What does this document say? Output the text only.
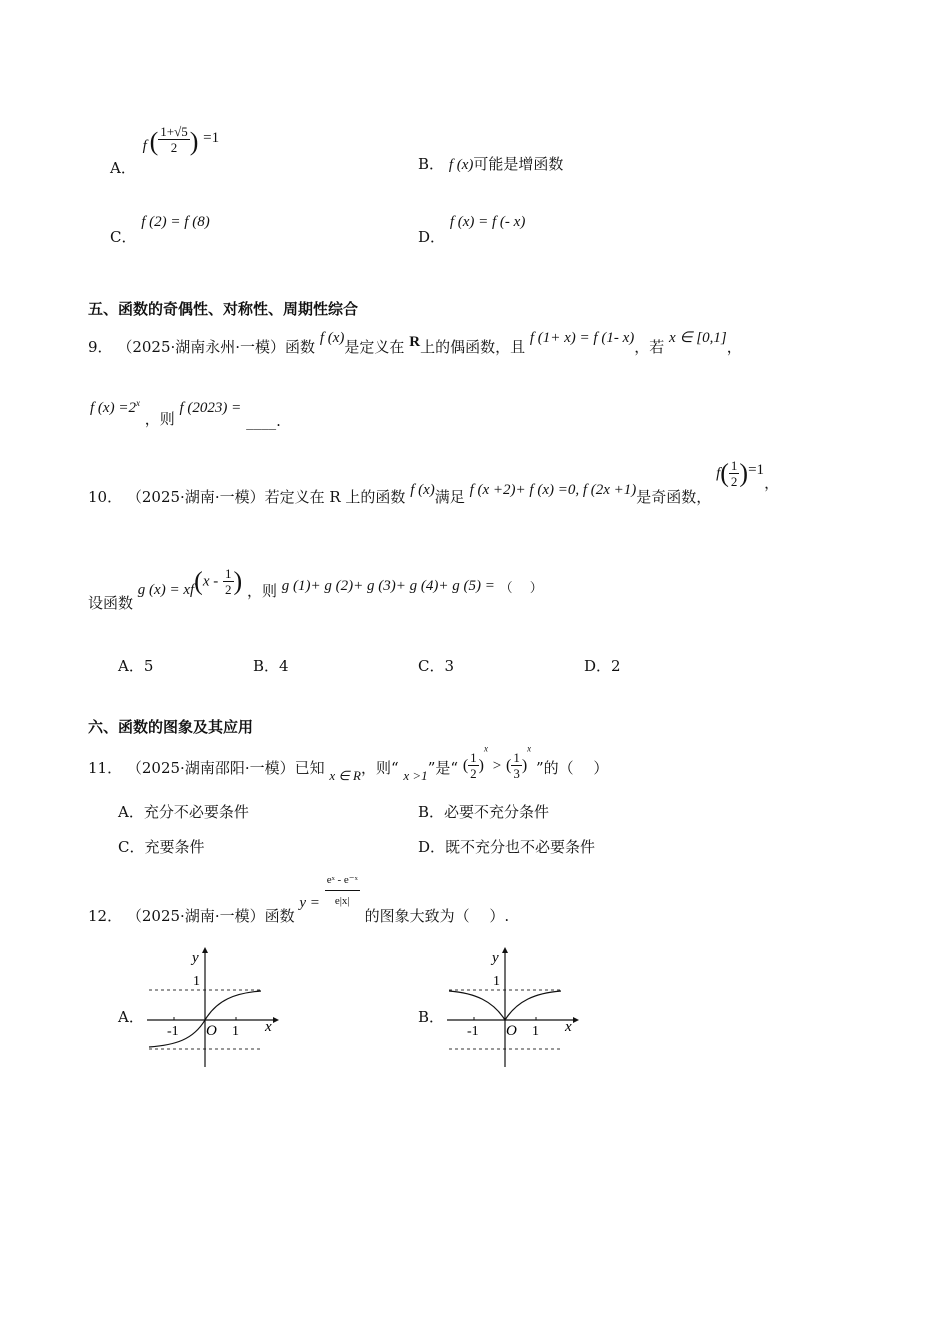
A． f ( $\frac{1+√5}{2}$ ) =1
B． f (x)可能是增函数
C． f (2) = f (8)
D． f (x) = f (- x)
五、函数的奇偶性、对称性、周期性综合
9． （2025·湖南永州·一模）函数 f (x)是定义在 R上的偶函数，且 f (1+ x) = f (1- x)，若 x ∈ [0,1]，
f $(x) =2^x$ ，则 f (2023) = ____.
10． （2025·湖南·一模）若定义在 R 上的函数 f (x)满足 f (x +2)+ f (x) =0, f (2x +1)是奇函数， $f( \frac{1}{2} )=1$，
设函数 g $(x) = xf(x - \frac{1}{2}$ ) ，则 g (1)+ g (2)+ g (3)+ g (4)+ g (5) = （　 ）
A．5	B．4	C．3	D．2
六、函数的图象及其应用
11． （2025·湖南邵阳·一模）已知 x ∈ R，则“ x >1”是“ ( $\frac{1}{2} )^x$ > ( $\frac{1}{3} )^x$ ”的（　 ）
A．充分不必要条件	B．必要不充分条件
C．充要条件	D．既不充分也不必要条件
12． （2025·湖南·一模）函数 $y = \frac{\text{eˣ - e⁻ˣ}}{e|x|}$
的图象大致为（　 ）.
A．
y
1
-1 O 1 x
B．
y
1
-1 O 1 x
